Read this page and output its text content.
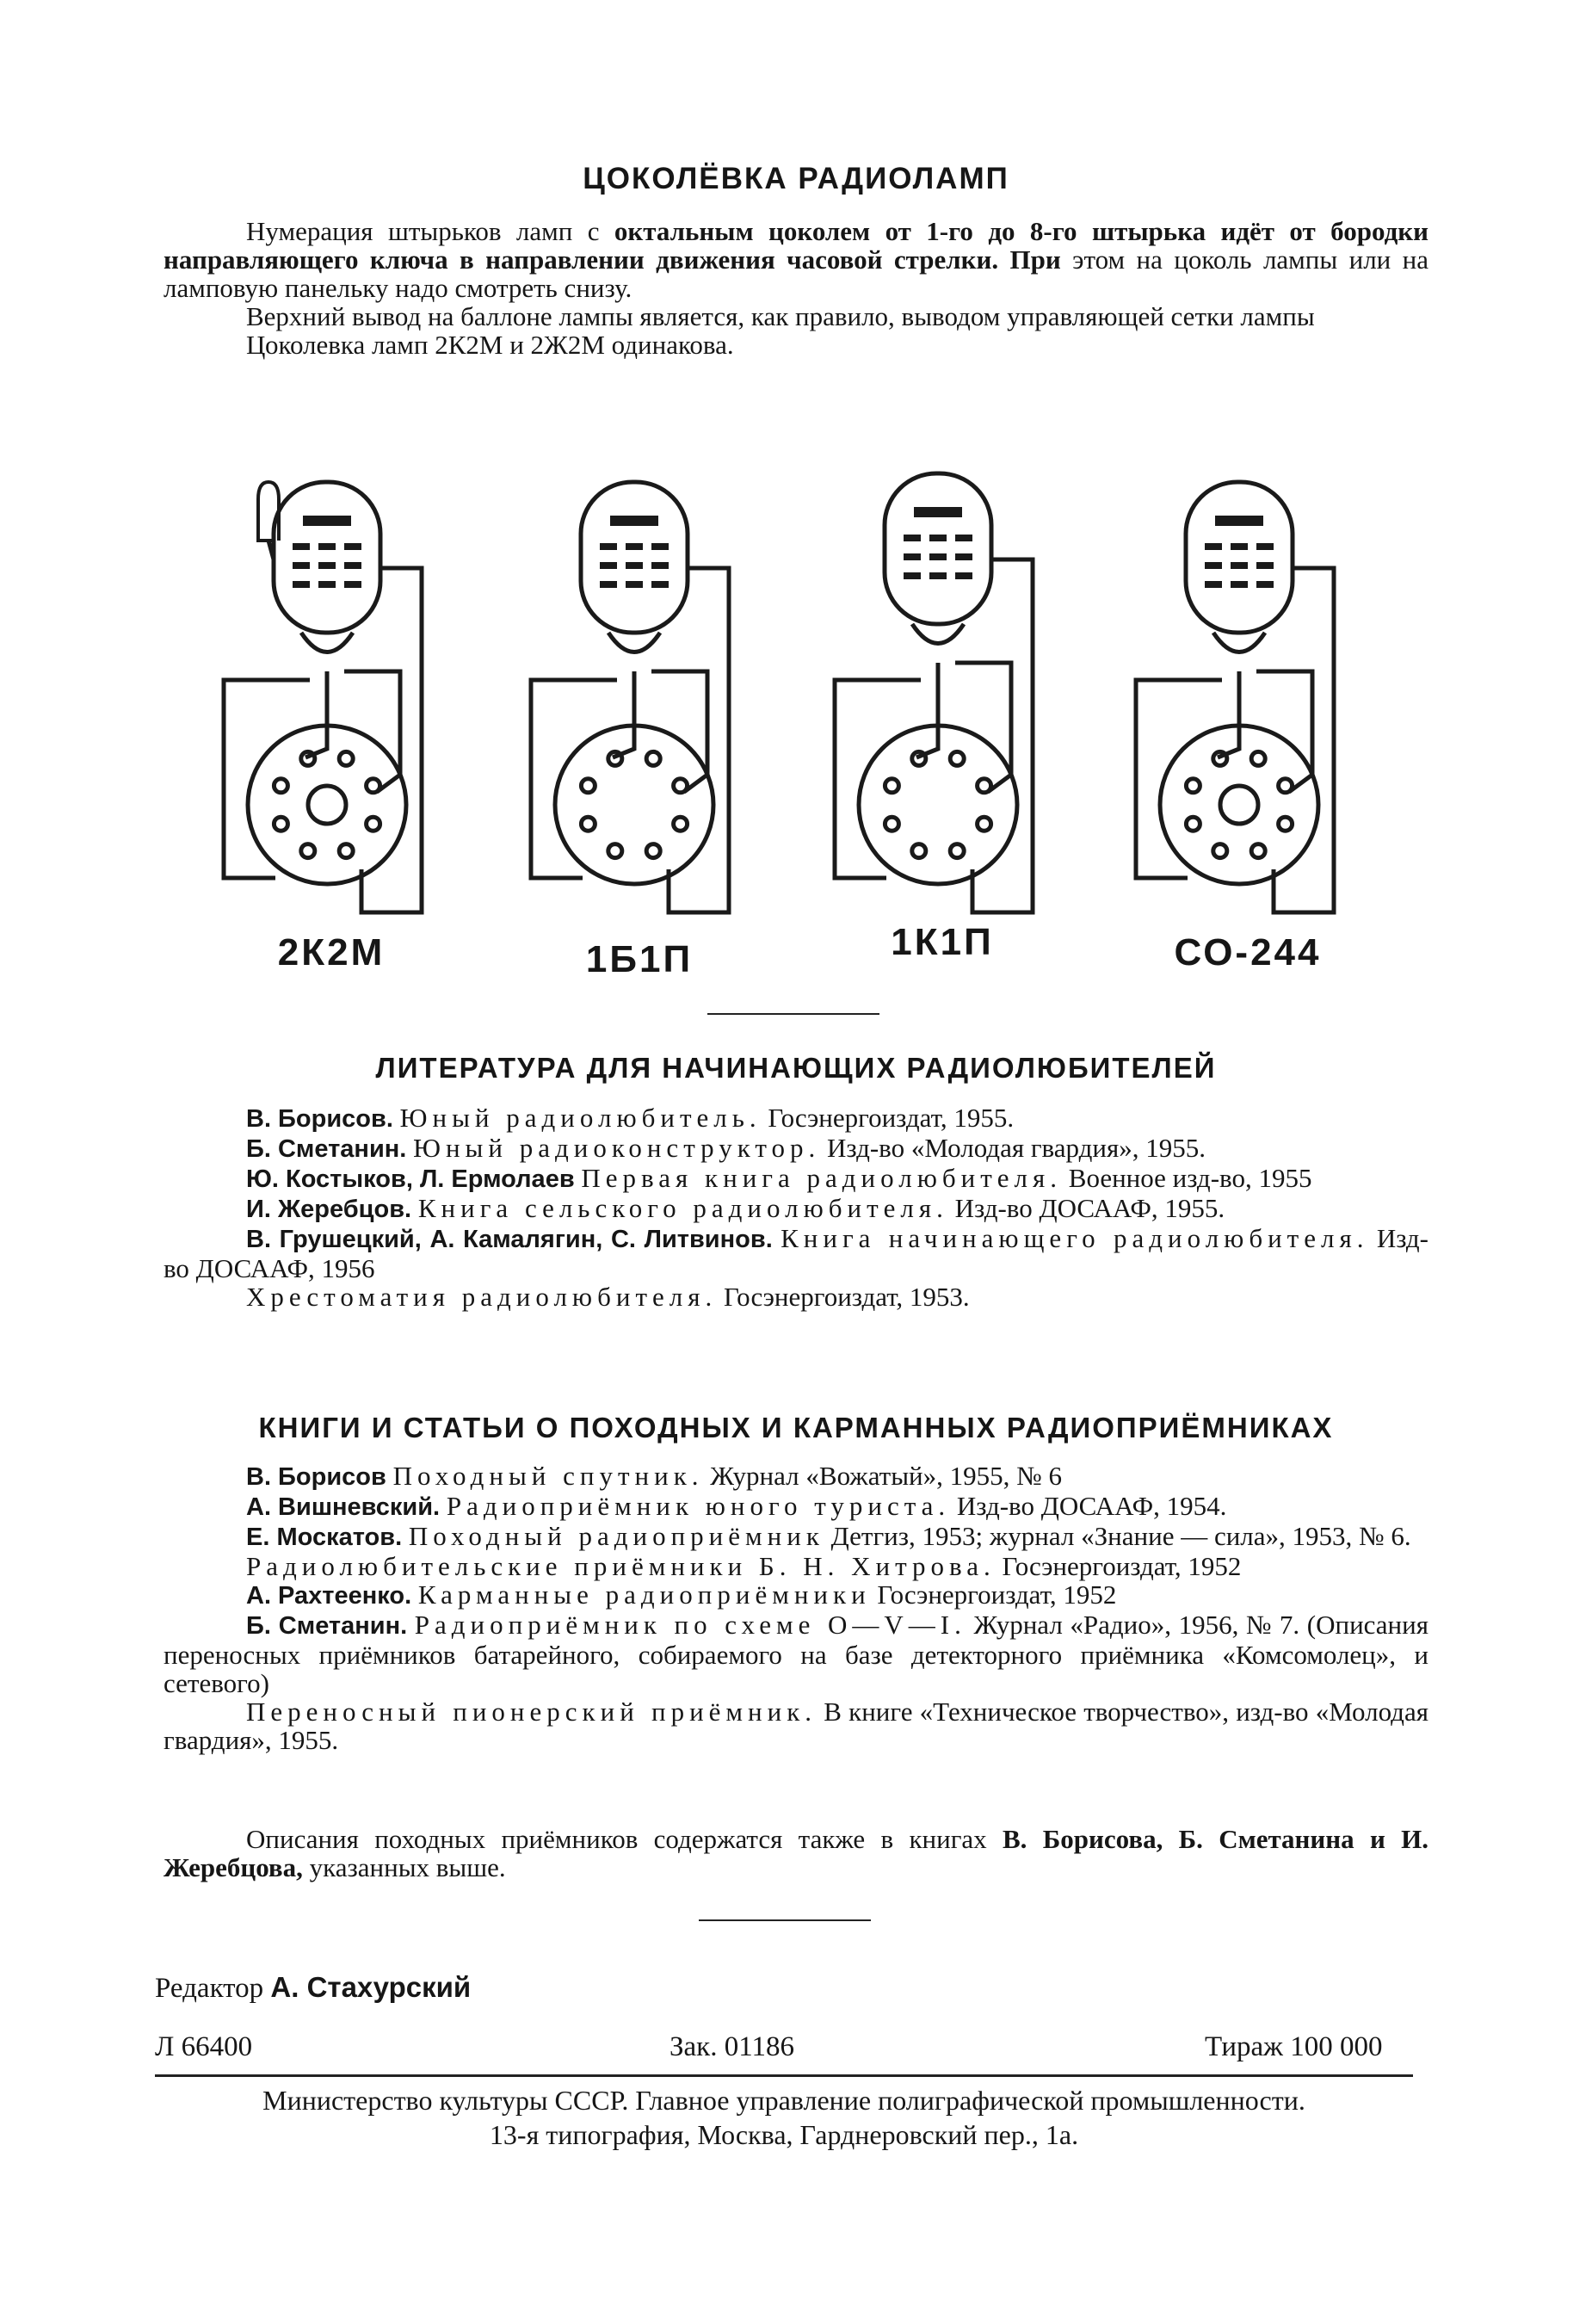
ЦОКОЛЁВКА РАДИОЛАМП

Нумерация штырьков ламп с октальным цоколем от 1-го до 8-го штырька идёт от бородки направляющего ключа в направлении движения часовой стрелки. При этом на цоколь лампы или на ламповую панельку надо смотреть снизу.

Верхний вывод на баллоне лампы является, как правило, выводом управляющей сетки лампы

Цоколевка ламп 2К2М и 2Ж2М одинакова.

2К2М	1Б1П	1К1П	СО-244
ЛИТЕРАТУРА ДЛЯ НАЧИНАЮЩИХ РАДИОЛЮБИТЕЛЕЙ

В. Борисов. Юный радиолюбитель. Госэнергоиздат, 1955.

Б. Сметанин. Юный радиоконструктор. Изд-во «Молодая гвардия», 1955.

Ю. Костыков, Л. Ермолаев Первая книга радиолюбителя. Военное изд-во, 1955

И. Жеребцов. Книга сельского радиолюбителя. Изд-во ДОСААФ, 1955.

В. Грушецкий, А. Камалягин, С. Литвинов. Книга начинающего радиолюбителя. Изд-во ДОСААФ, 1956

Хрестоматия радиолюбителя. Госэнергоиздат, 1953.

КНИГИ И СТАТЬИ О ПОХОДНЫХ И КАРМАННЫХ РАДИОПРИЁМНИКАХ

В. Борисов Походный спутник. Журнал «Вожатый», 1955, № 6

А. Вишневский. Радиоприёмник юного туриста. Изд-во ДОСААФ, 1954.

Е. Москатов. Походный радиоприёмник Детгиз, 1953; журнал «Знание — сила», 1953, № 6.

Радиолюбительские приёмники Б. Н. Хитрова. Госэнергоиздат, 1952

А. Рахтеенко. Карманные радиоприёмники Госэнергоиздат, 1952

Б. Сметанин. Радиоприёмник по схеме О—V—I. Журнал «Радио», 1956, № 7. (Описания переносных приёмников батарейного, собираемого на базе детекторного приёмника «Комсомолец», и сетевого)

Переносный пионерский приёмник. В книге «Техническое творчество», изд-во «Молодая гвардия», 1955.

Описания походных приёмников содержатся также в книгах В. Борисова, Б. Сметанина и И. Жеребцова, указанных выше.

Редактор А. Стахурский
Л 66400	Зак. 01186	Тираж 100 000
Министерство культуры СССР. Главное управление полиграфической промышленности.
13-я типография, Москва, Гарднеровский пер., 1а.
